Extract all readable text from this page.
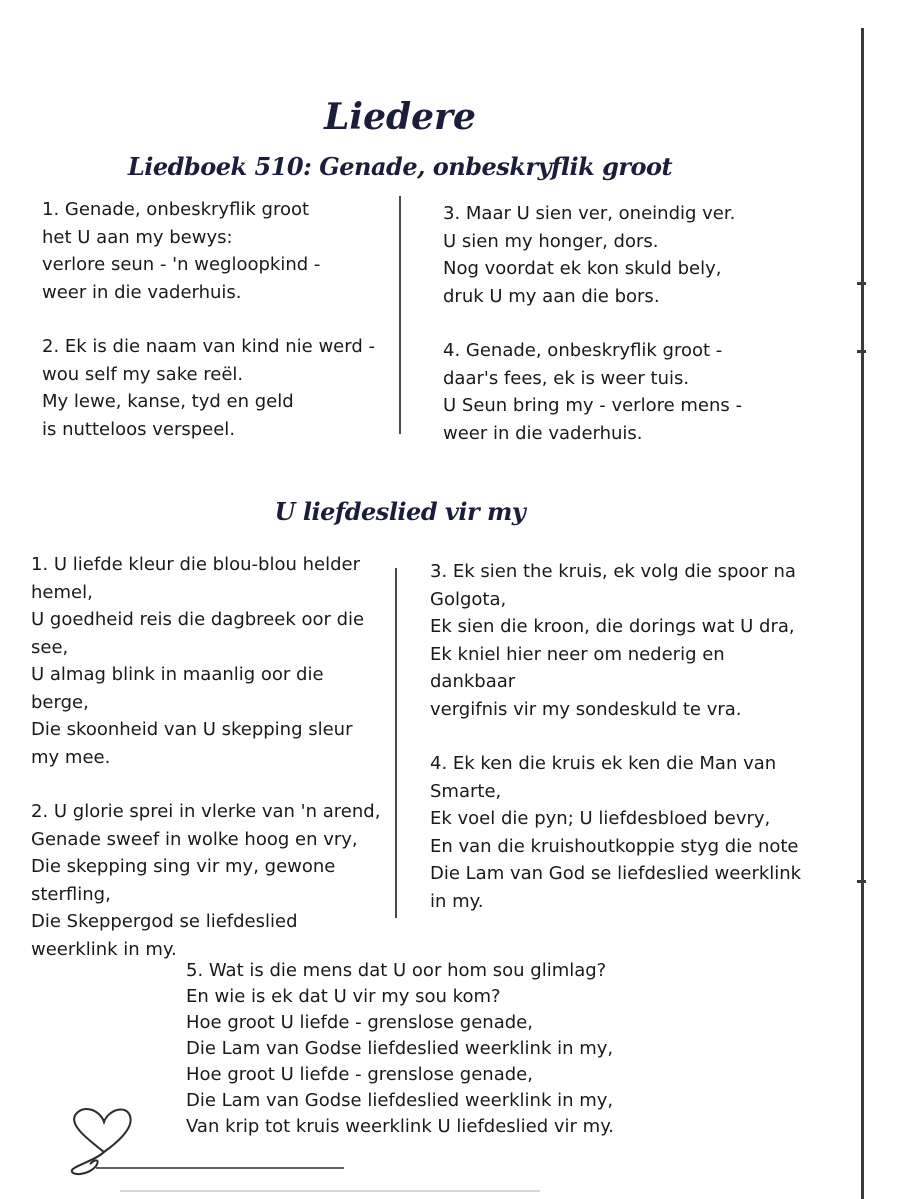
Liedere
Liedboek 510: Genade, onbeskryflik groot

1. Genade, onbeskryflik groot
het U aan my bewys:
verlore seun - 'n wegloopkind -
weer in die vaderhuis.

2. Ek is die naam van kind nie werd -
wou self my sake reël.
My lewe, kanse, tyd en geld
is nutteloos verspeel.

3. Maar U sien ver, oneindig ver.
U sien my honger, dors.
Nog voordat ek kon skuld bely,
druk U my aan die bors.

4. Genade, onbeskryflik groot -
daar's fees, ek is weer tuis.
U Seun bring my - verlore mens -
weer in die vaderhuis.

U liefdeslied vir my

1. U liefde kleur die blou-blou helder
hemel,
U goedheid reis die dagbreek oor die
see,
U almag blink in maanlig oor die
berge,
Die skoonheid van U skepping sleur
my mee.

2. U glorie sprei in vlerke van 'n arend,
Genade sweef in wolke hoog en vry,
Die skepping sing vir my, gewone
sterfling,
Die Skeppergod se liefdeslied
weerklink in my.

3. Ek sien the kruis, ek volg die spoor na
Golgota,
Ek sien die kroon, die dorings wat U dra,
Ek kniel hier neer om nederig en
dankbaar
vergifnis vir my sondeskuld te vra.

4. Ek ken die kruis ek ken die Man van
Smarte,
Ek voel die pyn; U liefdesbloed bevry,
En van die kruishoutkoppie styg die note
Die Lam van God se liefdeslied weerklink
in my.

5. Wat is die mens dat U oor hom sou glimlag?
En wie is ek dat U vir my sou kom?
Hoe groot U liefde - grenslose genade,
Die Lam van Godse liefdeslied weerklink in my,
Hoe groot U liefde - grenslose genade,
Die Lam van Godse liefdeslied weerklink in my,
Van krip tot kruis weerklink U liefdeslied vir my.
